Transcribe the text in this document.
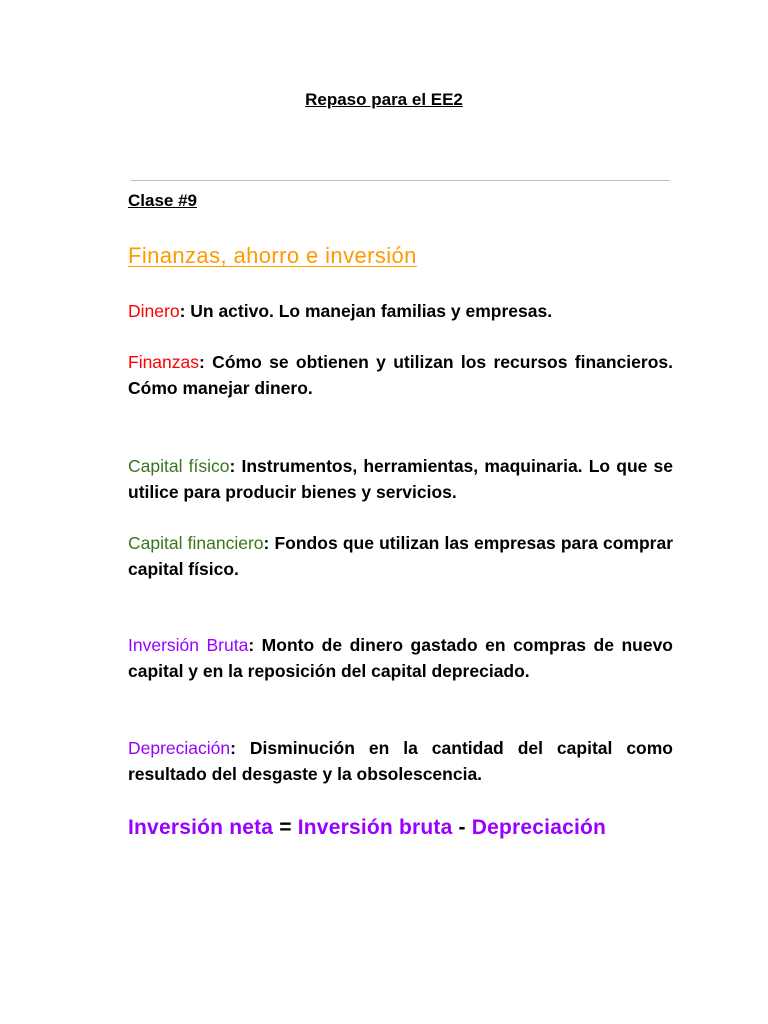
Repaso para el EE2
Clase #9
Finanzas, ahorro e inversión
Dinero: Un activo. Lo manejan familias y empresas.
Finanzas: Cómo se obtienen y utilizan los recursos financieros. Cómo manejar dinero.
Capital físico: Instrumentos, herramientas, maquinaria. Lo que se utilice para producir bienes y servicios.
Capital financiero: Fondos que utilizan las empresas para comprar capital físico.
Inversión Bruta: Monto de dinero gastado en compras de nuevo capital y en la reposición del capital depreciado.
Depreciación: Disminución en la cantidad del capital como resultado del desgaste y la obsolescencia.
Inversión neta = Inversión bruta - Depreciación
